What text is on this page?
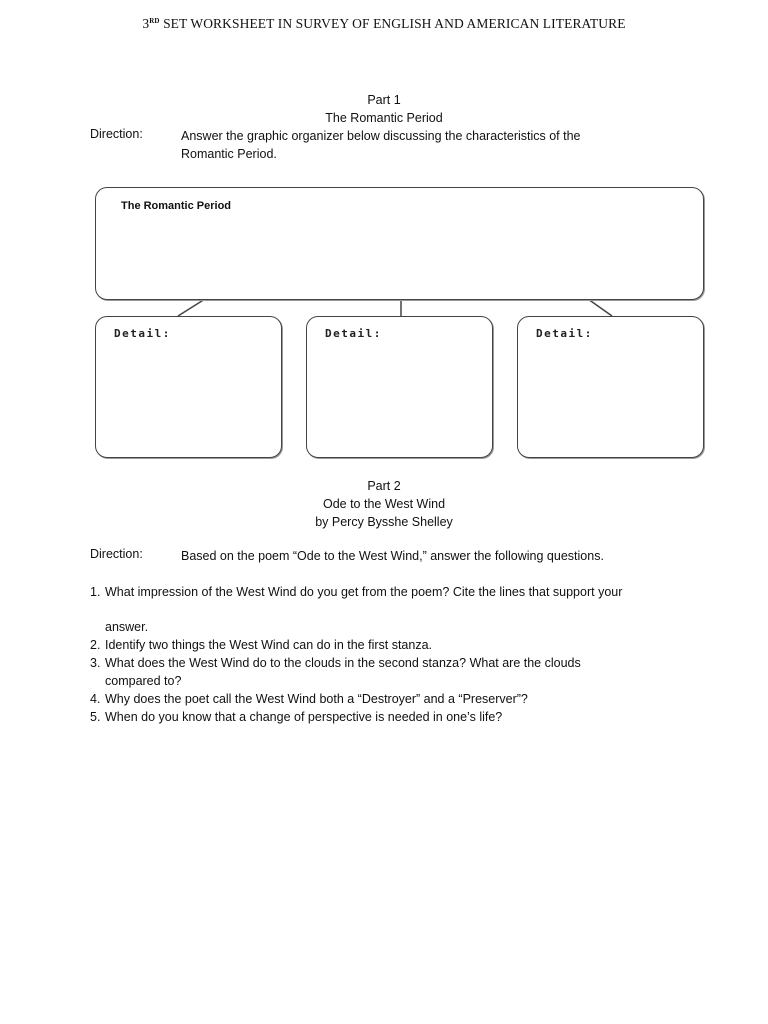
3RD SET WORKSHEET IN SURVEY OF ENGLISH AND AMERICAN LITERATURE
Part 1
The Romantic Period
Direction:	Answer the graphic organizer below discussing the characteristics of the
Romantic Period.
The Romantic Period
Detail:	Detail:	Detail:
Part 2
Ode to the West Wind
by Percy Bysshe Shelley
Direction:	Based on the poem “Ode to the West Wind,” answer the following questions.
1. What impression of the West Wind do you get from the poem? Cite the lines that support your
answer.
2. Identify two things the West Wind can do in the first stanza.
3. What does the West Wind do to the clouds in the second stanza? What are the clouds
compared to?
4. Why does the poet call the West Wind both a “Destroyer” and a “Preserver”?
5. When do you know that a change of perspective is needed in one’s life?
